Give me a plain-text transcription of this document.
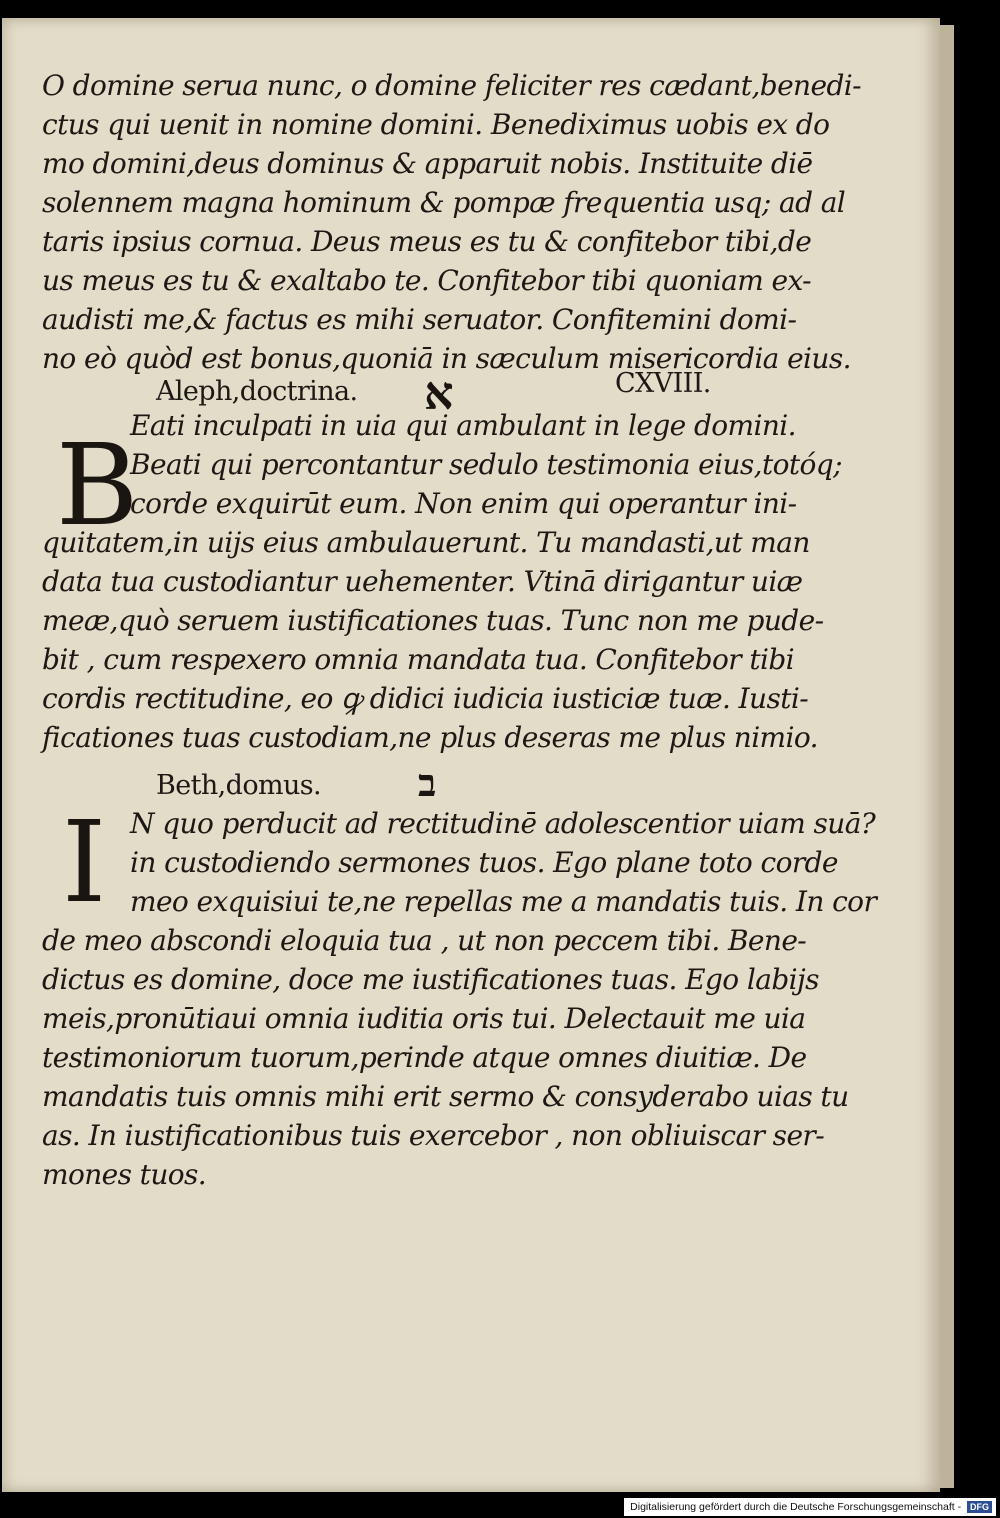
O domine serua nunc, o domine feliciter res cædant,benedi-
ctus qui uenit in nomine domini. Benediximus uobis ex do
mo domini,deus dominus & apparuit nobis. Instituite diē
solennem magna hominum & pompæ frequentia usq; ad al
taris ipsius cornua. Deus meus es tu & confitebor tibi,de
us meus es tu & exaltabo te. Confitebor tibi quoniam ex-
audisti me,& factus es mihi seruator. Confitemini domi-
no eò quòd est bonus,quoniā in sæculum misericordia eius.
Aleph,doctrina. א	CXVIII.
B
Eati inculpati in uia qui ambulant in lege domini.
Beati qui percontantur sedulo testimonia eius,totóq;
corde exquirūt eum. Non enim qui operantur ini-
quitatem,in uijs eius ambulauerunt. Tu mandasti,ut man
data tua custodiantur uehementer. Vtinā dirigantur uiæ
meæ,quò seruem iustificationes tuas. Tunc non me pude-
bit , cum respexero omnia mandata tua. Confitebor tibi
cordis rectitudine, eo ꝙ didici iudicia iusticiæ tuæ. Iusti-
ficationes tuas custodiam,ne plus deseras me plus nimio.
Beth,domus.	ב
I N quo perducit ad rectitudinē adolescentior uiam suā?
in custodiendo sermones tuos. Ego plane toto corde
meo exquisiui te,ne repellas me a mandatis tuis. In cor
de meo abscondi eloquia tua , ut non peccem tibi. Bene-
dictus es domine, doce me iustificationes tuas. Ego labijs
meis,pronūtiaui omnia iuditia oris tui. Delectauit me uia
testimoniorum tuorum,perinde atque omnes diuitiæ. De
mandatis tuis omnis mihi erit sermo & consyderabo uias tu
as. In iustificationibus tuis exercebor , non obliuiscar ser-
mones tuos.
Digitalisierung gefördert durch die Deutsche Forschungsgemeinschaft - DFG
